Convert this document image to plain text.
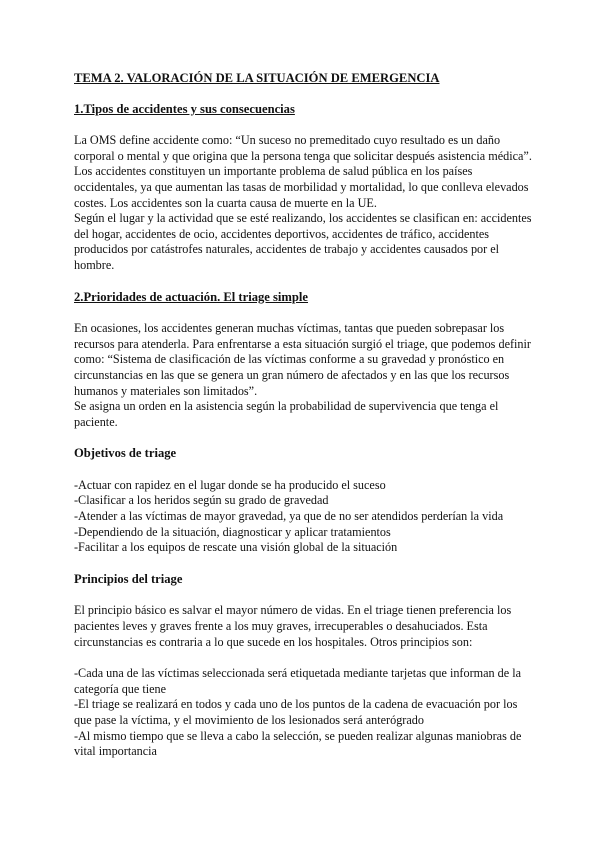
TEMA 2. VALORACIÓN DE LA SITUACIÓN DE EMERGENCIA
1.Tipos de accidentes y sus consecuencias

La OMS define accidente como: “Un suceso no premeditado cuyo resultado es un daño corporal o mental y que origina que la persona tenga que solicitar después asistencia médica”.

Los accidentes constituyen un importante problema de salud pública en los países occidentales, ya que aumentan las tasas de morbilidad y mortalidad, lo que conlleva elevados costes. Los accidentes son la cuarta causa de muerte en la UE.

Según el lugar y la actividad que se esté realizando, los accidentes se clasifican en: accidentes del hogar, accidentes de ocio, accidentes deportivos, accidentes de tráfico, accidentes producidos por catástrofes naturales, accidentes de trabajo y accidentes causados por el hombre.

2.Prioridades de actuación. El triage simple

En ocasiones, los accidentes generan muchas víctimas, tantas que pueden sobrepasar los recursos para atenderla. Para enfrentarse a esta situación surgió el triage, que podemos definir como: “Sistema de clasificación de las víctimas conforme a su gravedad y pronóstico en circunstancias en las que se genera un gran número de afectados y en las que los recursos humanos y materiales son limitados”.

Se asigna un orden en la asistencia según la probabilidad de supervivencia que tenga el paciente.

Objetivos de triage

-Actuar con rapidez en el lugar donde se ha producido el suceso

-Clasificar a los heridos según su grado de gravedad

-Atender a las víctimas de mayor gravedad, ya que de no ser atendidos perderían la vida

-Dependiendo de la situación, diagnosticar y aplicar tratamientos

-Facilitar a los equipos de rescate una visión global de la situación

Principios del triage

El principio básico es salvar el mayor número de vidas. En el triage tienen preferencia los pacientes leves y graves frente a los muy graves, irrecuperables o desahuciados. Esta circunstancias es contraria a lo que sucede en los hospitales. Otros principios son:

-Cada una de las víctimas seleccionada será etiquetada mediante tarjetas que informan de la categoría que tiene

-El triage se realizará en todos y cada uno de los puntos de la cadena de evacuación por los que pase la víctima, y el movimiento de los lesionados será anterógrado

-Al mismo tiempo que se lleva a cabo la selección, se pueden realizar algunas maniobras de vital importancia
